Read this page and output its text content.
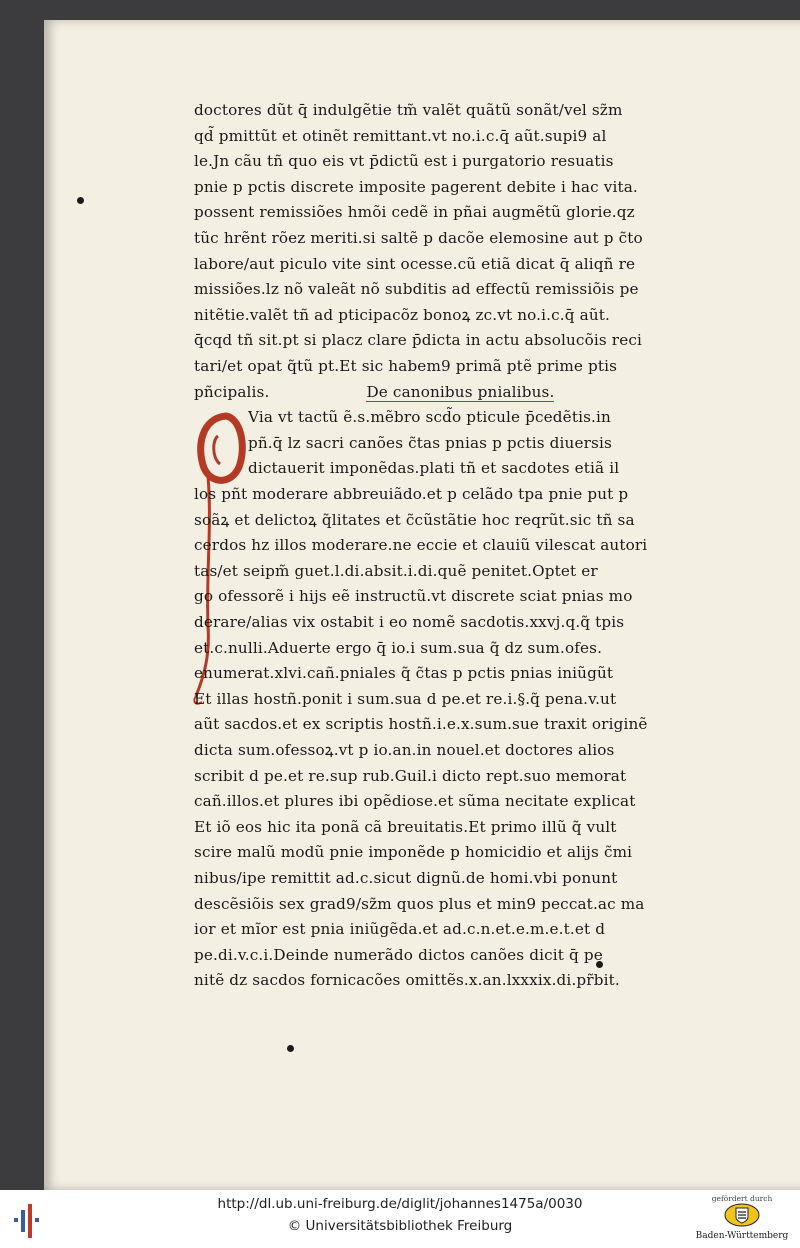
doctores dũt q̄ indulgẽtie tm̃ valẽt quãtũ sonãt/vel sz̃m
qd̃ pmittũt et otinẽt remittant.vt no.i.c.q̄ aũt.supi9 al
le.Jn cãu tñ quo eis vt p̄dictũ est i purgatorio resuatis
pnie p pctis discrete imposite pagerent debite i hac vita.
possent remissiões hmõi cedẽ in pñai augmẽtũ glorie.qz
tũc hrẽnt rõez meriti.si saltẽ p dacõe elemosine aut p c̃to
labore/aut piculo vite sint ocesse.cũ etiã dicat q̄ aliqñ re
missiões.lz nõ valeãt nõ subditis ad effectũ remissiõis pe
nitẽtie.valẽt tñ ad pticipacõz bonoꝝ zc.vt no.i.c.q̄ aũt.
q̄cqd tñ sit.pt si placz clare p̄dicta in actu absolucõis reci
tari/et opat q̃tũ pt.Et sic habem9 primã ptẽ prime ptis
pñcipalis.	De canonibus pnialibus.
Via vt tactũ ẽ.s.mẽbro scd̃o pticule p̄cedẽtis.in
pñ.q̄ lz sacri canões c̃tas pnias p pctis diuersis
dictauerit imponẽdas.plati tñ et sacdotes etiã il
los pñt moderare abbreuiãdo.et p celãdo tpa pnie put p
soãꝝ et delictoꝝ q̃litates et c̃cũstãtie hoc reqrũt.sic tñ sa
cerdos hz illos moderare.ne eccie et clauiũ vilescat autori
tas/et seipm̃ guet.l.di.absit.i.di.quẽ penitet.Optet er
go ofessorẽ i hijs eẽ instructũ.vt discrete sciat pnias mo
derare/alias vix ostabit i eo nomẽ sacdotis.xxvj.q.q̃ tpis
et.c.nulli.Aduerte ergo q̄ io.i sum.sua q̃ dz sum.ofes.
enumerat.xlvi.cañ.pniales q̃ c̃tas p pctis pnias iniũgũt
Et illas hostñ.ponit i sum.sua d pe.et re.i.§.q̃ pena.v.ut
aũt sacdos.et ex scriptis hostñ.i.e.x.sum.sue traxit originẽ
dicta sum.ofessoꝝ.vt p io.an.in nouel.et doctores alios
scribit d pe.et re.sup rub.Guil.i dicto rept.suo memorat
cañ.illos.et plures ibi opẽdiose.et sũma necitate explicat
Et iõ eos hic ita ponã cã breuitatis.Et primo illũ q̃ vult
scire malũ modũ pnie imponẽde p homicidio et alijs c̃mi
nibus/ipe remittit ad.c.sicut dignũ.de homi.vbi ponunt
descẽsiõis sex grad9/sz̃m quos plus et min9 peccat.ac ma
ior et mĩor est pnia iniũgẽda.et ad.c.n.et.e.m.e.t.et d
pe.di.v.c.i.Deinde numerãdo dictos canões dicit q̄ pe
nitẽ dz sacdos fornicacões omittẽs.x.an.lxxxix.di.pr̃bit.
http://dl.ub.uni-freiburg.de/diglit/johannes1475a/0030
© Universitätsbibliothek Freiburg
gefördert durch
Baden-Württemberg
